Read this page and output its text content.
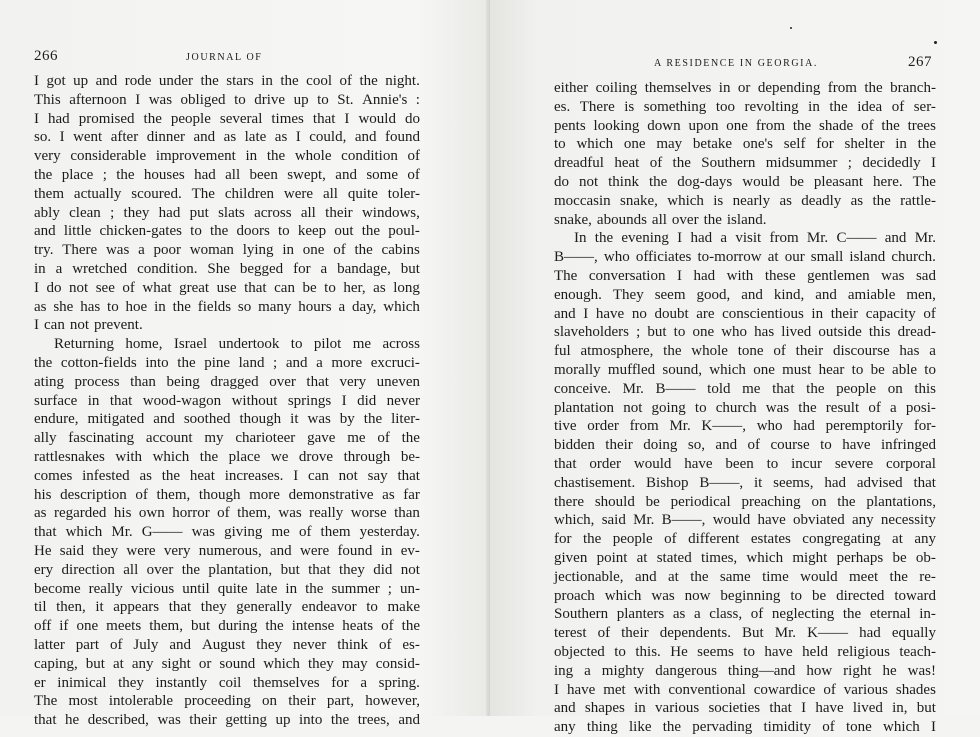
266	JOURNAL OF
I got up and rode under the stars in the cool of the night.
This afternoon I was obliged to drive up to St. Annie's :
I had promised the people several times that I would do
so. I went after dinner and as late as I could, and found
very considerable improvement in the whole condition of
the place ; the houses had all been swept, and some of
them actually scoured. The children were all quite toler-
ably clean ; they had put slats across all their windows,
and little chicken-gates to the doors to keep out the poul-
try. There was a poor woman lying in one of the cabins
in a wretched condition. She begged for a bandage, but
I do not see of what great use that can be to her, as long
as she has to hoe in the fields so many hours a day, which
I can not prevent.
Returning home, Israel undertook to pilot me across
the cotton-fields into the pine land ; and a more excruci-
ating process than being dragged over that very uneven
surface in that wood-wagon without springs I did never
endure, mitigated and soothed though it was by the liter-
ally fascinating account my charioteer gave me of the
rattlesnakes with which the place we drove through be-
comes infested as the heat increases. I can not say that
his description of them, though more demonstrative as far
as regarded his own horror of them, was really worse than
that which Mr. G—— was giving me of them yesterday.
He said they were very numerous, and were found in ev-
ery direction all over the plantation, but that they did not
become really vicious until quite late in the summer ; un-
til then, it appears that they generally endeavor to make
off if one meets them, but during the intense heats of the
latter part of July and August they never think of es-
caping, but at any sight or sound which they may consid-
er inimical they instantly coil themselves for a spring.
The most intolerable proceeding on their part, however,
that he described, was their getting up into the trees, and
A RESIDENCE IN GEORGIA.	267
either coiling themselves in or depending from the branch-
es. There is something too revolting in the idea of ser-
pents looking down upon one from the shade of the trees
to which one may betake one's self for shelter in the
dreadful heat of the Southern midsummer ; decidedly I
do not think the dog-days would be pleasant here. The
moccasin snake, which is nearly as deadly as the rattle-
snake, abounds all over the island.
In the evening I had a visit from Mr. C—— and Mr.
B——, who officiates to-morrow at our small island church.
The conversation I had with these gentlemen was sad
enough. They seem good, and kind, and amiable men,
and I have no doubt are conscientious in their capacity of
slaveholders ; but to one who has lived outside this dread-
ful atmosphere, the whole tone of their discourse has a
morally muffled sound, which one must hear to be able to
conceive. Mr. B—— told me that the people on this
plantation not going to church was the result of a posi-
tive order from Mr. K——, who had peremptorily for-
bidden their doing so, and of course to have infringed
that order would have been to incur severe corporal
chastisement. Bishop B——, it seems, had advised that
there should be periodical preaching on the plantations,
which, said Mr. B——, would have obviated any necessity
for the people of different estates congregating at any
given point at stated times, which might perhaps be ob-
jectionable, and at the same time would meet the re-
proach which was now beginning to be directed toward
Southern planters as a class, of neglecting the eternal in-
terest of their dependents. But Mr. K—— had equally
objected to this. He seems to have held religious teach-
ing a mighty dangerous thing—and how right he was!
I have met with conventional cowardice of various shades
and shapes in various societies that I have lived in, but
any thing like the pervading timidity of tone which I
